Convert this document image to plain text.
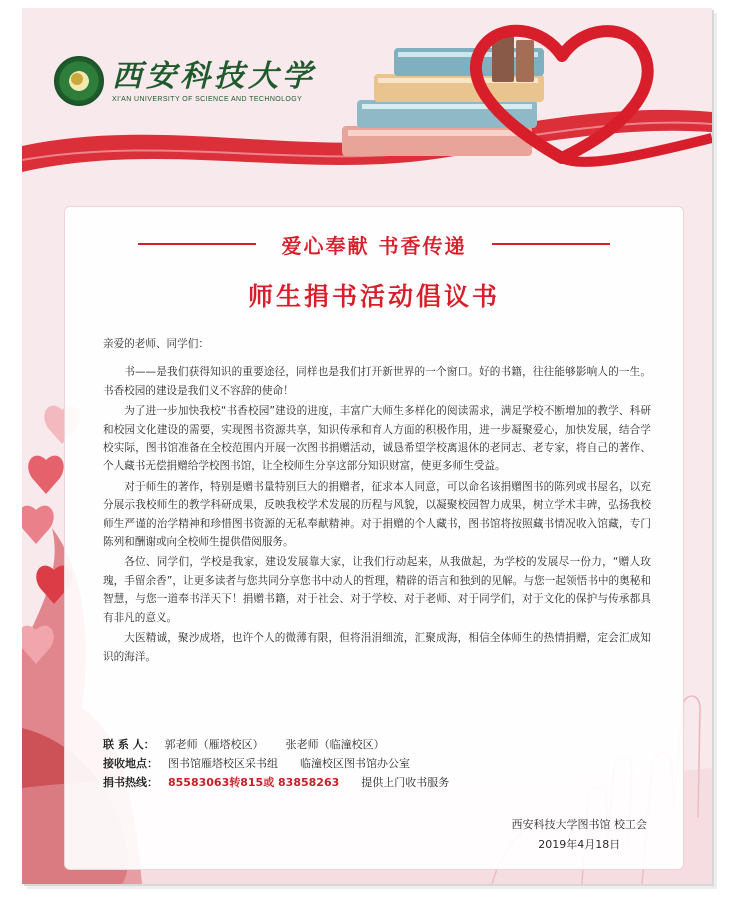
西安科技大学
XI'AN UNIVERSITY OF SCIENCE AND TECHNOLOGY
爱心奉献 书香传递
师生捐书活动倡议书

亲爱的老师、同学们：

书——是我们获得知识的重要途径，同样也是我们打开新世界的一个窗口。好的书籍，往往能够影响人的一生。书香校园的建设是我们义不容辞的使命！

为了进一步加快我校“书香校园”建设的进度，丰富广大师生多样化的阅读需求，满足学校不断增加的教学、科研和校园文化建设的需要，实现图书资源共享，知识传承和育人方面的积极作用，进一步凝聚爱心，加快发展，结合学校实际，图书馆准备在全校范围内开展一次图书捐赠活动，诚恳希望学校离退休的老同志、老专家，将自己的著作、个人藏书无偿捐赠给学校图书馆，让全校师生分享这部分知识财富，使更多师生受益。

对于师生的著作，特别是赠书量特别巨大的捐赠者，征求本人同意，可以命名该捐赠图书的陈列或书屋名，以充分展示我校师生的教学科研成果，反映我校学术发展的历程与风貌，以凝聚校园智力成果，树立学术丰碑，弘扬我校师生严谨的治学精神和珍惜图书资源的无私奉献精神。对于捐赠的个人藏书，图书馆将按照藏书情况收入馆藏，专门陈列和酬谢或向全校师生提供借阅服务。

各位、同学们，学校是我家，建设发展靠大家，让我们行动起来，从我做起，为学校的发展尽一份力，“赠人玫瑰，手留余香”，让更多读者与您共同分享您书中动人的哲理，精辟的语言和独到的见解。与您一起领悟书中的奥秘和智慧，与您一道奉书洋天下！捐赠书籍，对于社会、对于学校、对于老师、对于同学们，对于文化的保护与传承都具有非凡的意义。

大医精诚，聚沙成塔，也许个人的微薄有限，但将涓涓细流，汇聚成海，相信全体师生的热情捐赠，定会汇成知识的海洋。

联 系 人： 郭老师（雁塔校区） 张老师（临潼校区）
接收地点： 图书馆雁塔校区采书组 临潼校区图书馆办公室
捐书热线： 85583063转815或 83858263 提供上门收书服务
西安科技大学图书馆 校工会
2019年4月18日
